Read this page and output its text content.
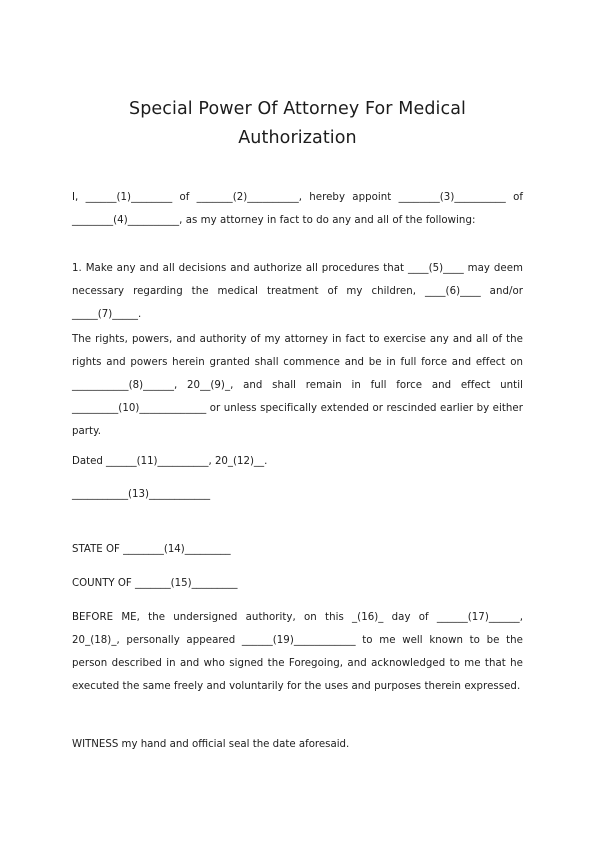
Special Power Of Attorney For Medical
Authorization

I, ______(1)________ of _______(2)__________, hereby appoint ________(3)__________ of ________(4)__________, as my attorney in fact to do any and all of the following:

1. Make any and all decisions and authorize all procedures that ____(5)____ may deem necessary regarding the medical treatment of my children, ____(6)____ and/or _____(7)_____.

The rights, powers, and authority of my attorney in fact to exercise any and all of the rights and powers herein granted shall commence and be in full force and effect on ___________(8)______, 20__(9)_, and shall remain in full force and effect until _________(10)_____________ or unless specifically extended or rescinded earlier by either party.

Dated ______(11)__________, 20_(12)__.

___________(13)____________

STATE OF ________(14)_________

COUNTY OF _______(15)_________

BEFORE ME, the undersigned authority, on this _(16)_ day of ______(17)______, 20_(18)_, personally appeared ______(19)____________ to me well known to be the person described in and who signed the Foregoing, and acknowledged to me that he executed the same freely and voluntarily for the uses and purposes therein expressed.

WITNESS my hand and official seal the date aforesaid.
